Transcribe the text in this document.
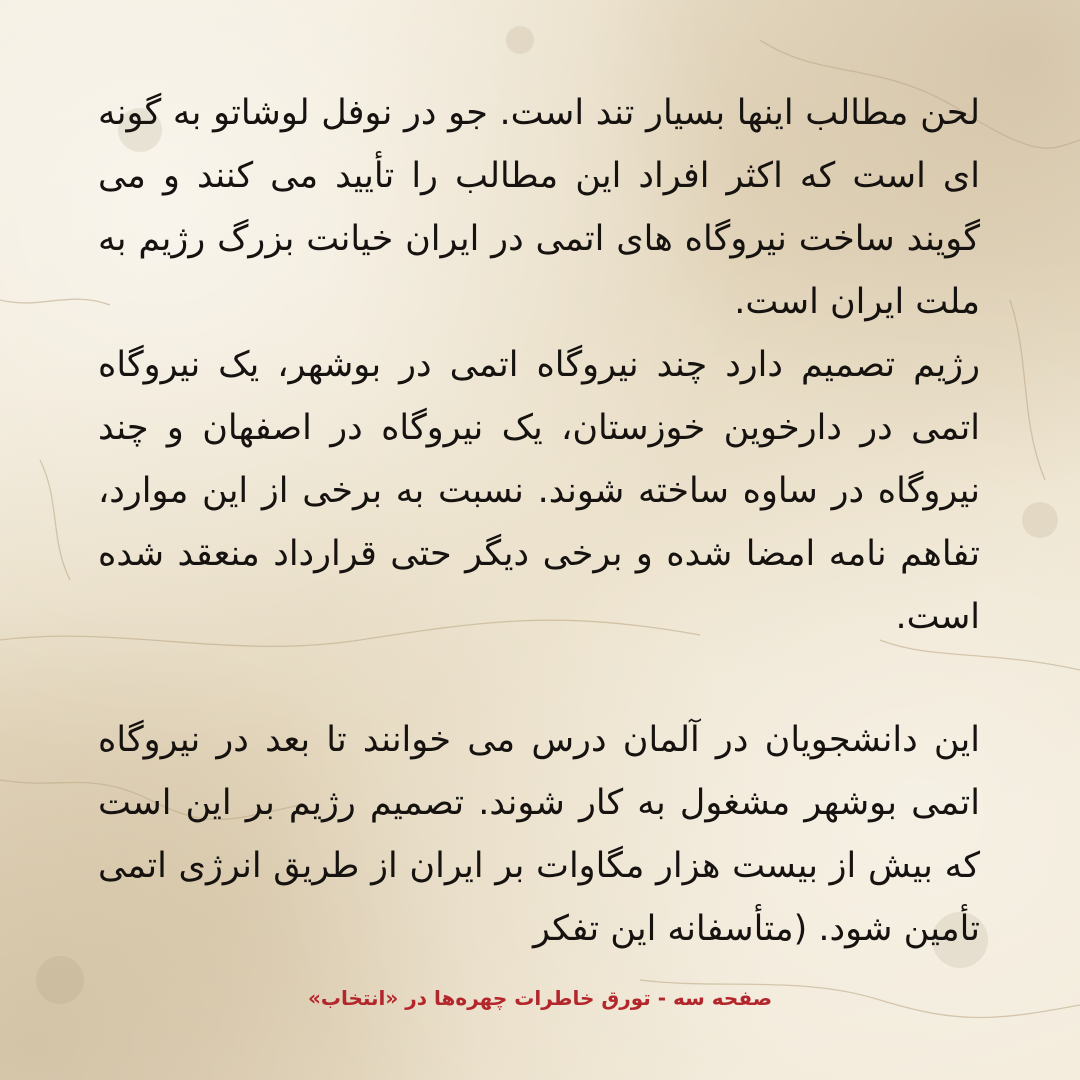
لحن مطالب اینها بسیار تند است. جو در نوفل لوشاتو به گونه ای است که اکثر افراد این مطالب را تأیید می کنند و می گویند ساخت نیروگاه های اتمی در ایران خیانت بزرگ رژیم به ملت ایران است.

رژیم تصمیم دارد چند نیروگاه اتمی در بوشهر، یک نیروگاه اتمی در دارخوین خوزستان، یک نیروگاه در اصفهان و چند نیروگاه در ساوه ساخته شوند. نسبت به برخی از این موارد، تفاهم نامه امضا شده و برخی دیگر حتی قرارداد منعقد شده است.

این دانشجویان در آلمان درس می خوانند تا بعد در نیروگاه اتمی بوشهر مشغول به کار شوند. تصمیم رژیم بر این است که بیش از بیست هزار مگاوات بر ایران از طریق انرژی اتمی تأمین شود. (متأسفانه این تفکر

صفحه سه - تورق خاطرات چهره‌ها در «انتخاب»
